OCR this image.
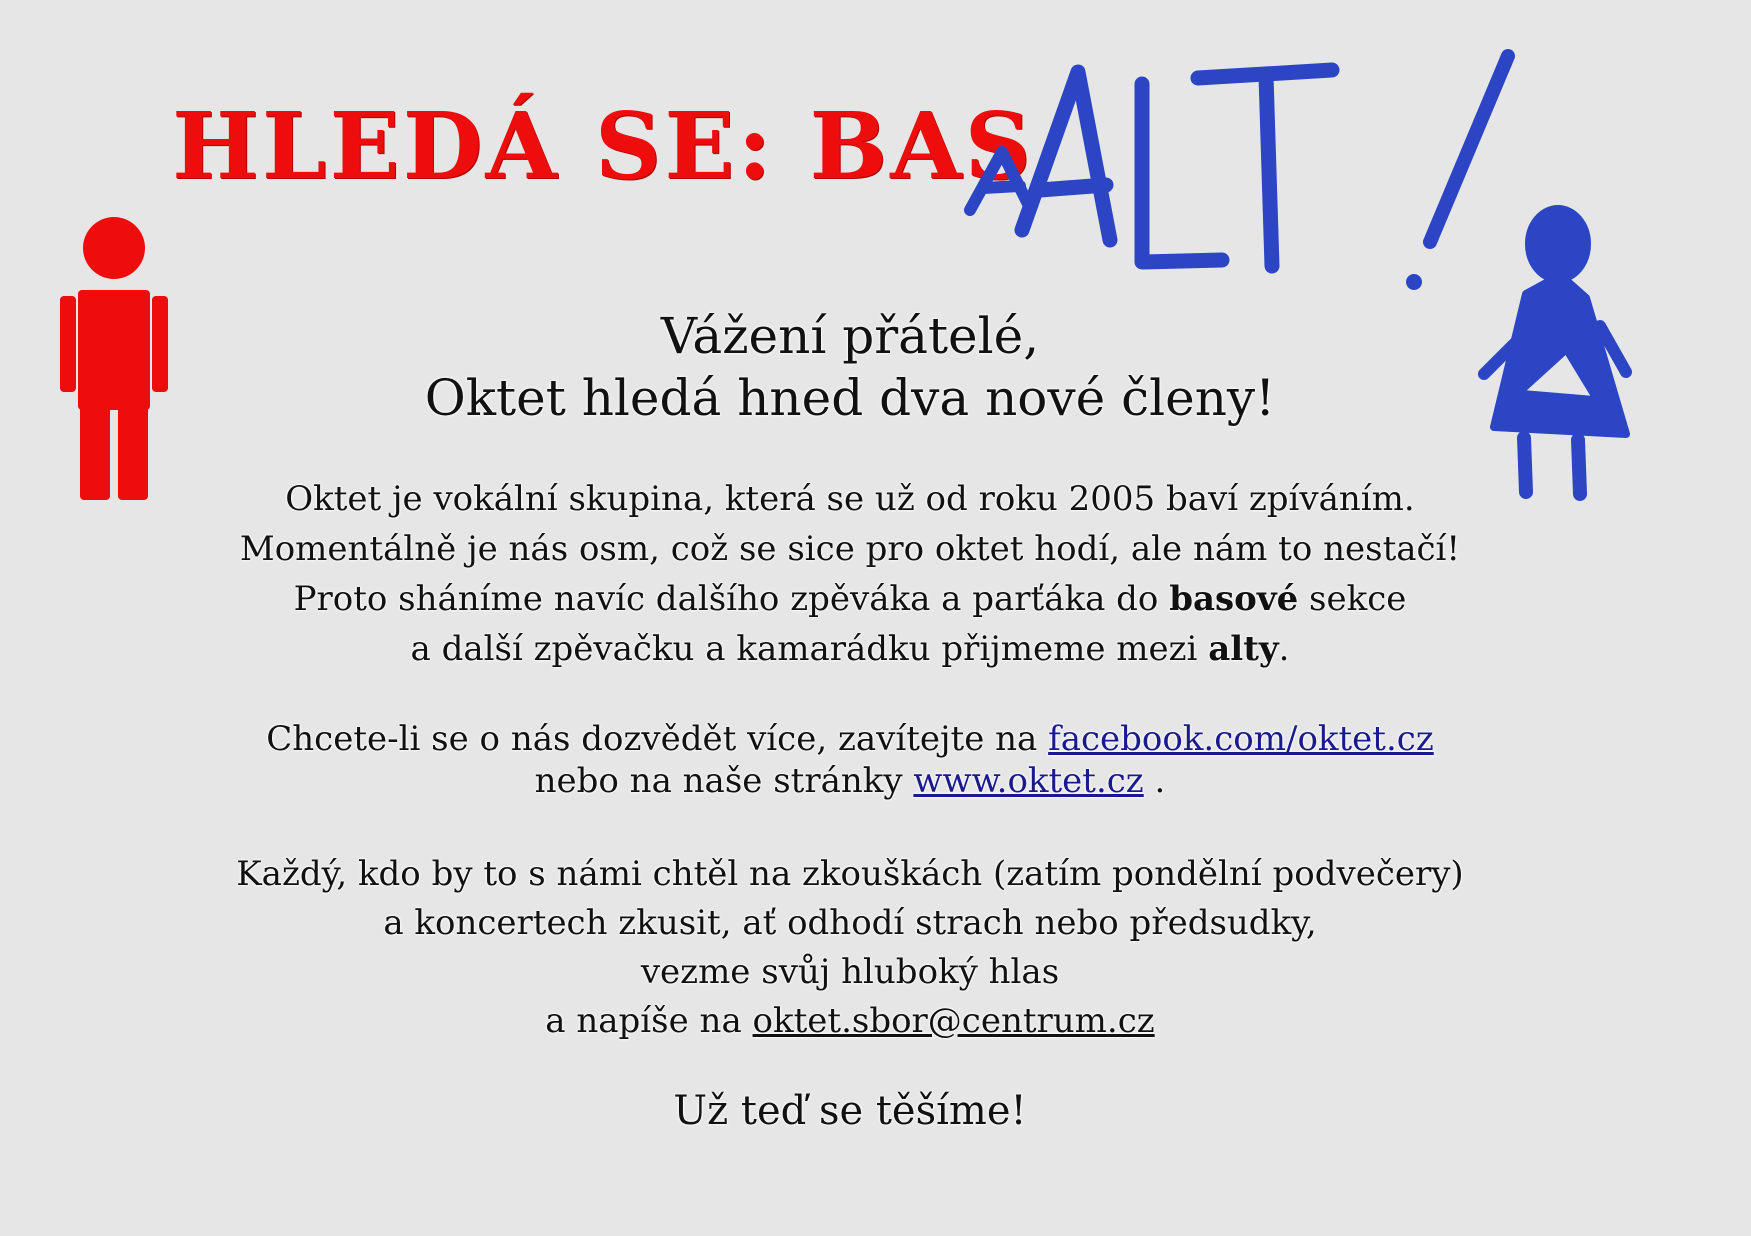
HLEDÁ SE: BAS
Vážení přátelé,
Oktet hledá hned dva nové členy!
Oktet je vokální skupina, která se už od roku 2005 baví zpíváním.
Momentálně je nás osm, což se sice pro oktet hodí, ale nám to nestačí!
Proto sháníme navíc dalšího zpěváka a parťáka do basové sekce
a další zpěvačku a kamarádku přijmeme mezi alty.
Chcete-li se o nás dozvědět více, zavítejte na facebook.com/oktet.cz
nebo na naše stránky www.oktet.cz .
Každý, kdo by to s námi chtěl na zkouškách (zatím pondělní podvečery)
a koncertech zkusit, ať odhodí strach nebo předsudky,
vezme svůj hluboký hlas
a napíše na oktet.sbor@centrum.cz
Už teď se těšíme!
